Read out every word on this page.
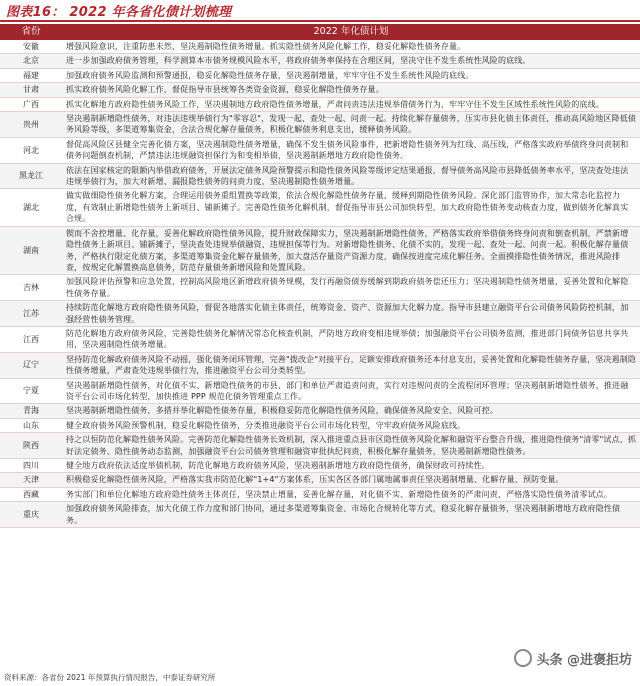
图表16： 2022 年各省化债计划梳理
省份	2022 年化债计划
安徽	增强风险意识，注重防患未然，坚决遏制隐性债务增量。抓实隐性债务风险化解工作，稳妥化解隐性债务存量。
北京	进一步加强政府债务管理，科学测算本市债务规模风险水平，将政府债务率保持在合理区间，坚决守住不发生系统性风险的底线。
福建	加强政府债务风险监测和预警通报，稳妥化解隐性债务存量，坚决遏制增量，牢牢守住不发生系统性风险的底线。
甘肃	抓实政府债务风险化解工作，督促指导市县统筹各类资金资源，稳妥化解隐性债务存量。
广西	抓实化解地方政府隐性债务风险工作，坚决遏制地方政府隐性债务增量，严肃问责违法违规举借债务行为，牢牢守住不发生区域性系统性风险的底线。
贵州	坚决遏制新增隐性债务，对违法违规举债行为"零容忍"，发现一起、查处一起、问责一起。持续化解存量债务，压实市县化债主体责任，推动高风险地区降低债务风险等级，多渠道筹集资金，合法合规化解存量债务，积极化解债务利息支出，缓释债务风险。
河北	督促高风险区县健全完善化债方案，坚决遏制隐性债务增量，确保不发生债务风险事件，把新增隐性债务列为红线、高压线，严格落实政府举债终身问责制和债务问题倒查机制，严禁违法违规融资担保行为和变相举债，坚决遏制新增地方政府隐性债务。
黑龙江	依法在国家核定的限额内举借政府债务，开展法定债务风险预警提示和隐性债务风险等级评定结果通报，督导债务高风险市县降低债务率水平，坚决查处违法违规举债行为，加大对新增、漏报隐性债务的问责力度，坚决遏制隐性债务增量。
湖北	做实做细隐性债务化解方案，合理运用债务重组置换等政策，依法合规化解隐性债务存量，缓释到期隐性债务风险。深化部门监管协作，加大常态化监控力度，有效制止新增隐性债务上新项目、铺新摊子。完善隐性债务化解机制，督促指导市县公司加快转型，加大政府隐性债务变动核查力度，做到债务化解真实合规。
湖南	锲而不舍控增量、化存量，妥善化解政府隐性债务风险，提升财政保障实力，坚决遏制新增隐性债务，严格落实政府举借债务终身问责和倒查机制，严禁新增隐性债务上新项目、铺新摊子，坚决查处违规举债融资、违规担保等行为。对新增隐性债务、化债不实的，发现一起、查处一起、问责一起。积极化解存量债务，严格执行限定化债方案，多渠道筹集资金化解存量债务，加大盘活存量资产资源力度，确保按进度完成化解任务。全面摸排隐性债务情况，推进风险排查，按规定化解置换高息债务，防范存量债务新增风险和处置风险。
吉林	加强风险评估预警和应急处置，控制高风险地区新增政府债务规模，发行再融资债券缓解到期政府债务偿还压力；坚决遏制隐性债务增量，妥善处置和化解隐性债务存量。
江苏	持续防范化解地方政府隐性债务风险，督促各地落实化债主体责任，统筹资金、资产、资源加大化解力度。指导市县建立融资平台公司债务风险防控机制，加强经营性债务管理。
江西	防范化解地方政府债务风险，完善隐性债务化解情况常态化核查机制，严防地方政府变相违规举债；加强融资平台公司债务监测，推进部门间债务信息共享共用，坚决遏制隐性债务增量。
辽宁	坚持防范化解政府债务风险不动摇，强化债务闭环管理，完善"拨改企"对接平台，足额安排政府债务还本付息支出，妥善处置和化解隐性债务存量，坚决遏制隐性债务增量，严肃查处违规举债行为，推进融资平台公司分类转型。
宁夏	坚决遏制新增隐性债务，对化债不实、新增隐性债务的市县、部门和单位严肃追责问责，实行对违规问责的全流程闭环管理；坚决遏制新增隐性债务，推进融资平台公司市场化转型，加快推进 PPP 规范化债务管理重点工作。
青海	坚决遏制新增隐性债务，多措并举化解隐性债务存量，积极稳妥防范化解隐性债务风险，确保债务风险安全、风险可控。
山东	健全政府债务风险预警机制，稳妥化解隐性债务，分类推进融资平台公司市场化转型，守牢政府债务风险底线。
陕西	持之以恒防范化解隐性债务风险。完善防范化解隐性债务长效机制，深入推进重点县市区隐性债务风险化解和融资平台整合升级，推进隐性债务"清零"试点，抓好法定债务、隐性债务动态监测，加强融资平台公司债务管理和融资审批执纪问责，积极化解存量债务，坚决遏制新增隐性债务。
四川	健全地方政府依法适度举债机制，防范化解地方政府债务风险，坚决遏制新增地方政府隐性债务，确保财政可持续性。
天津	积极稳妥化解隐性债务风险，严格落实我市防范化解"1+4"方案体系，压实各区各部门属地属事责任坚决遏制增量、化解存量、预防变量。
西藏	务实部门和单位化解地方政府隐性债务主体责任，坚决禁止增量，妥善化解存量，对化债不实、新增隐性债务的严肃问责，严格落实隐性债务清零试点。
重庆	加强政府债务风险排查，加大化债工作力度和部门协同，通过多渠道筹集资金、市场化合规转化等方式，稳妥化解存量债务，坚决遏制新增地方政府隐性债务。
资料来源：各省份 2021 年预算执行情况报告，中泰证券研究所
头条 @进褒拒坊
